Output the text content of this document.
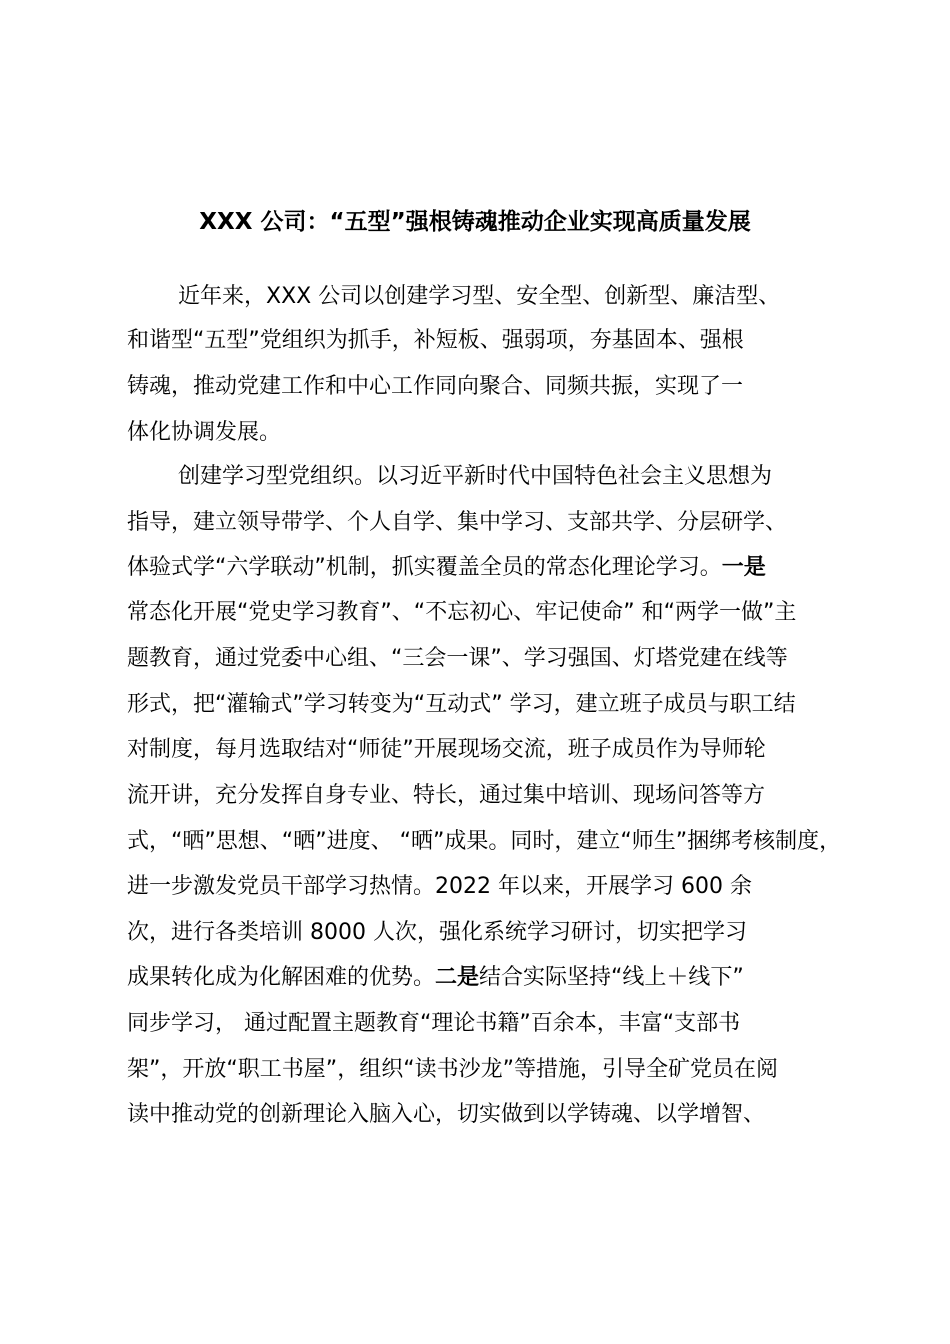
XXX 公司：“五型”强根铸魂推动企业实现高质量发展

近年来，XXX 公司以创建学习型、安全型、创新型、廉洁型、

和谐型“五型”党组织为抓手，补短板、强弱项，夯基固本、强根

铸魂，推动党建工作和中心工作同向聚合、同频共振，实现了一

体化协调发展。

创建学习型党组织。以习近平新时代中国特色社会主义思想为

指导，建立领导带学、个人自学、集中学习、支部共学、分层研学、

体验式学“六学联动”机制，抓实覆盖全员的常态化理论学习。一是

常态化开展“党史学习教育”、“不忘初心、牢记使命” 和“两学一做”主

题教育，通过党委中心组、“三会一课”、学习强国、灯塔党建在线等

形式，把“灌输式”学习转变为“互动式” 学习，建立班子成员与职工结

对制度，每月选取结对“师徒”开展现场交流，班子成员作为导师轮

流开讲，充分发挥自身专业、特长，通过集中培训、现场问答等方

式，“晒”思想、“晒”进度、 “晒”成果。同时，建立“师生”捆绑考核制度，

进一步激发党员干部学习热情。2022 年以来，开展学习 600 余

次，进行各类培训 8000 人次，强化系统学习研讨，切实把学习

成果转化成为化解困难的优势。二是结合实际坚持“线上＋线下”

同步学习， 通过配置主题教育“理论书籍”百余本，丰富“支部书

架”，开放“职工书屋”，组织“读书沙龙”等措施，引导全矿党员在阅

读中推动党的创新理论入脑入心，切实做到以学铸魂、以学增智、
